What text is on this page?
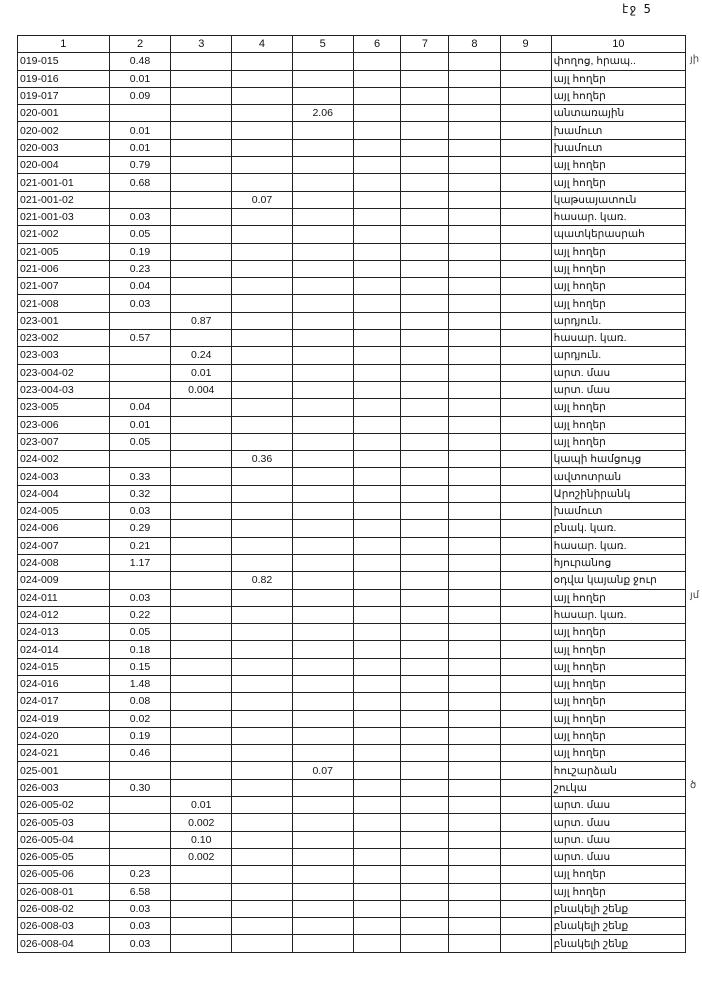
էջ 5
յի
յմ
ծ
1	2	3	4	5	6	7	8	9	10
019-015	0.48								փողոց, հրապ..
019-016	0.01								այլ հողեր
019-017	0.09								այլ հողեր
020-001				2.06					անտառային
020-002	0.01								խամուտ
020-003	0.01								խամուտ
020-004	0.79								այլ հողեր
021-001-01	0.68								այլ հողեր
021-001-02			0.07						կաթսայատուն
021-001-03	0.03								հասար. կառ.
021-002	0.05								պատկերասրահ
021-005	0.19								այլ հողեր
021-006	0.23								այլ հողեր
021-007	0.04								այլ հողեր
021-008	0.03								այլ հողեր
023-001		0.87							արդյուն.
023-002	0.57								հասար. կառ.
023-003		0.24							արդյուն.
023-004-02		0.01							արտ. մաս
023-004-03		0.004							արտ. մաս
023-005	0.04								այլ հողեր
023-006	0.01								այլ հողեր
023-007	0.05								այլ հողեր
024-002			0.36						կապի համցույց
024-003	0.33								ավտոտրան
024-004	0.32								Արոշինիրանկ
024-005	0.03								խամուտ
024-006	0.29								բնակ. կառ.
024-007	0.21								հասար. կառ.
024-008	1.17								հյուրանոց
024-009			0.82						օդվա կայանք ջուր
024-011	0.03								այլ հողեր
024-012	0.22								հասար. կառ.
024-013	0.05								այլ հողեր
024-014	0.18								այլ հողեր
024-015	0.15								այլ հողեր
024-016	1.48								այլ հողեր
024-017	0.08								այլ հողեր
024-019	0.02								այլ հողեր
024-020	0.19								այլ հողեր
024-021	0.46								այլ հողեր
025-001				0.07					հուշարձան
026-003	0.30								շուկա
026-005-02		0.01							արտ. մաս
026-005-03		0.002							արտ. մաս
026-005-04		0.10							արտ. մաս
026-005-05		0.002							արտ. մաս
026-005-06	0.23								այլ հողեր
026-008-01	6.58								այլ հողեր
026-008-02	0.03								բնակելի շենք
026-008-03	0.03								բնակելի շենք
026-008-04	0.03								բնակելի շենք
